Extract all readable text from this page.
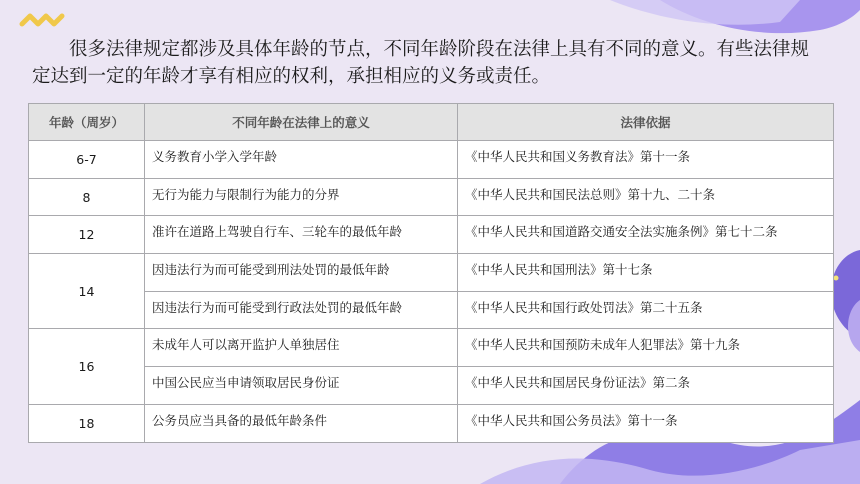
很多法律规定都涉及具体年龄的节点，不同年龄阶段在法律上具有不同的意义。有些法律规定达到一定的年龄才享有相应的权利，承担相应的义务或责任。

年龄（周岁）	不同年龄在法律上的意义	法律依据
6-7	义务教育小学入学年龄	《中华人民共和国义务教育法》第十一条
8	无行为能力与限制行为能力的分界	《中华人民共和国民法总则》第十九、二十条
12	准许在道路上驾驶自行车、三轮车的最低年龄	《中华人民共和国道路交通安全法实施条例》第七十二条
14	因违法行为而可能受到刑法处罚的最低年龄	《中华人民共和国刑法》第十七条
	因违法行为而可能受到行政法处罚的最低年龄	《中华人民共和国行政处罚法》第二十五条
16	未成年人可以离开监护人单独居住	《中华人民共和国预防未成年人犯罪法》第十九条
	中国公民应当申请领取居民身份证	《中华人民共和国居民身份证法》第二条
18	公务员应当具备的最低年龄条件	《中华人民共和国公务员法》第十一条
